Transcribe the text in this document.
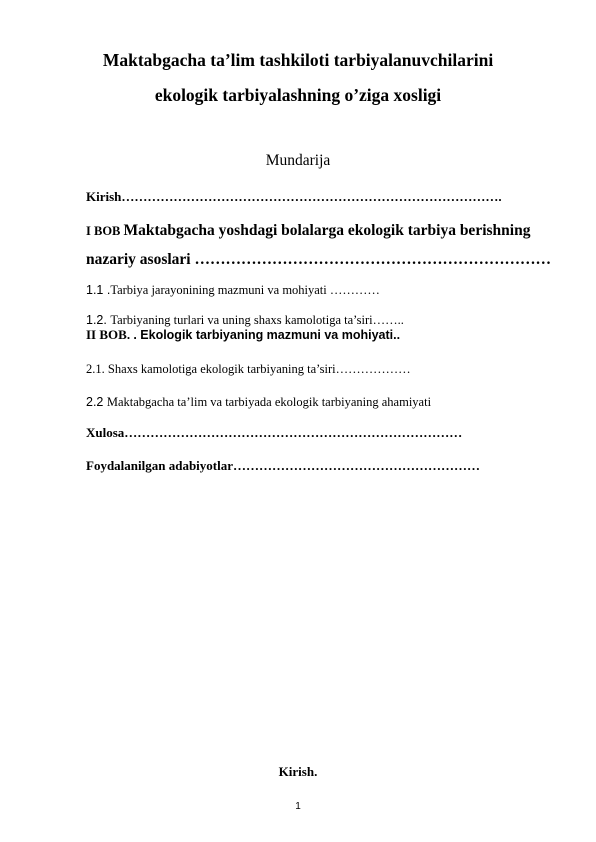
Maktabgacha ta’lim tashkiloti tarbiyalanuvchilarini
ekologik tarbiyalashning o’ziga xosligi
Mundarija
Kirish…………………………………………………………………………….
I BOB Maktabgacha yoshdagi bolalarga ekologik tarbiya berishning
nazariy asoslari ……………………………………………………………
1.1 .Tarbiya jarayonining mazmuni va mohiyati …………
1.2. Tarbiyaning turlari va uning shaxs kamolotiga ta’siri……..
II BOB. . Ekologik tarbiyaning mazmuni va mohiyati..
2.1. Shaxs kamolotiga ekologik tarbiyaning ta’siri………………
2.2 Maktabgacha ta’lim va tarbiyada ekologik tarbiyaning ahamiyati
Xulosa……………………………………………………………………
Foydalanilgan adabiyotlar…………………………………………………
Kirish.
1
